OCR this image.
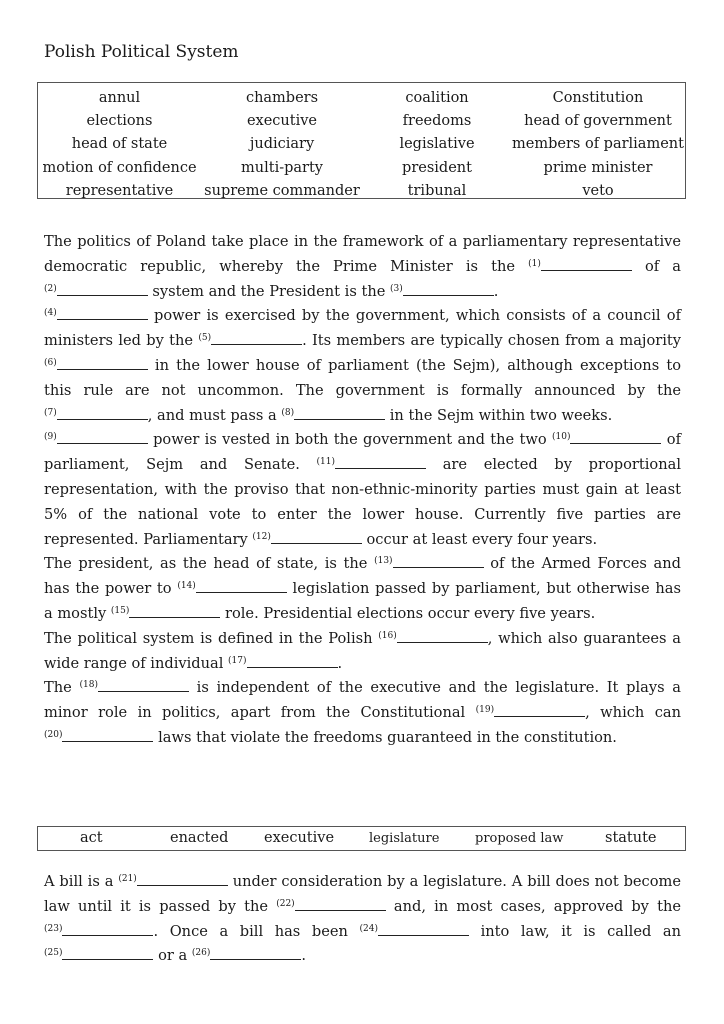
Polish Political System
annul	chambers	coalition	Constitution
elections	executive	freedoms	head of government
head of state	judiciary	legislative	members of parliament
motion of confidence	multi-party	president	prime minister
representative	supreme commander	tribunal	veto

The politics of Poland take place in the framework of a parliamentary representative democratic republic, whereby the Prime Minister is the $^{(1)}$	of a $^{(2)}$	system and the President is the $^{(3)}$	.

$^{(4)}$	power is exercised by the government, which consists of a council of ministers led by the $^{(5)}$	. Its members are typically chosen from a majority $^{(6)}$	in the lower house of parliament (the Sejm), although exceptions to this rule are not uncommon. The government is formally announced by the $^{(7)}$	, and must pass a $^{(8)}$	in the Sejm within two weeks.

$^{(9)}$	power is vested in both the government and the two $^{(10)}$	of parliament, Sejm and Senate. $^{(11)}$	are elected by proportional representation, with the proviso that non-ethnic-minority parties must gain at least 5% of the national vote to enter the lower house. Currently five parties are represented. Parliamentary $^{(12)}$	occur at least every four years.

The president, as the head of state, is the $^{(13)}$	of the Armed Forces and has the power to $^{(14)}$	legislation passed by parliament, but otherwise has a mostly $^{(15)}$	role. Presidential elections occur every five years.

The political system is defined in the Polish $^{(16)}$	, which also guarantees a wide range of individual $^{(17)}$	.

The $^{(18)}$	is independent of the executive and the legislature. It plays a minor role in politics, apart from the Constitutional $^{(19)}$	, which can $^{(20)}$	laws that violate the freedoms guaranteed in the constitution.

act	enacted executive	legislature	proposed law	statute

A bill is a $^{(21)}$	under consideration by a legislature. A bill does not become law until it is passed by the $^{(22)}$	and, in most cases, approved by the $^{(23)}$	. Once a bill has been $^{(24)}$	into law, it is called an $^{(25)}$	or a $^{(26)}$	.
